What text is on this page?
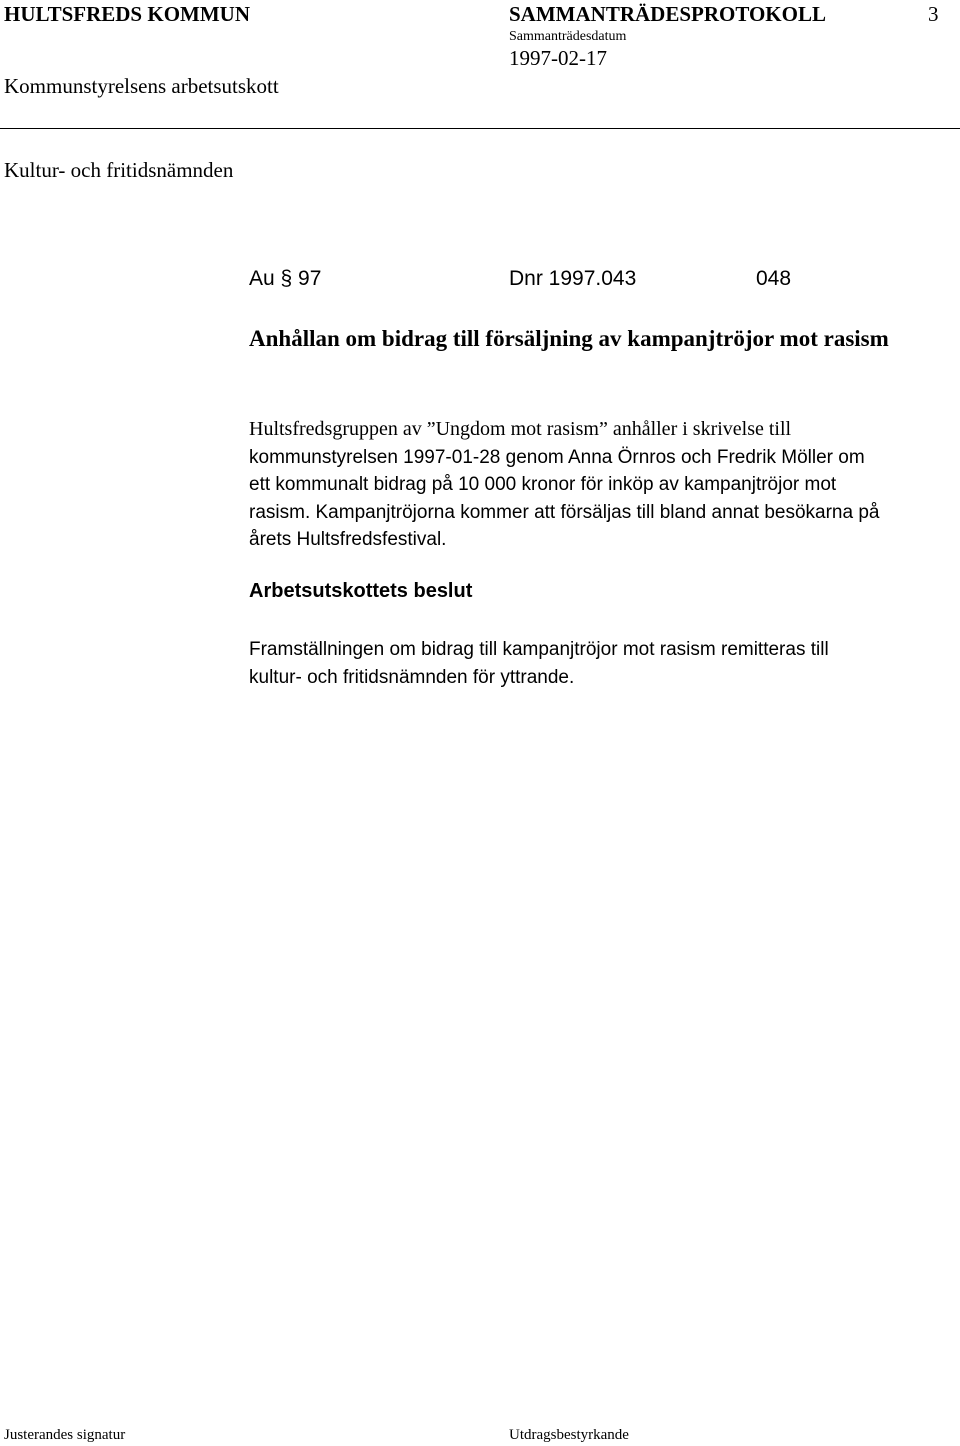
HULTSFREDS KOMMUN	SAMMANTRÄDESPROTOKOLL	3
Sammanträdesdatum
1997-02-17
Kommunstyrelsens arbetsutskott
Kultur- och fritidsnämnden
Au § 97	Dnr 1997.043	048
Anhållan om bidrag till försäljning av kampanjtröjor mot rasism
Hultsfredsgruppen av ”Ungdom mot rasism” anhåller i skrivelse till
kommunstyrelsen 1997-01-28 genom Anna Örnros och Fredrik Möller om
ett kommunalt bidrag på 10 000 kronor för inköp av kampanjtröjor mot
rasism. Kampanjtröjorna kommer att försäljas till bland annat besökarna på
årets Hultsfredsfestival.
Arbetsutskottets beslut
Framställningen om bidrag till kampanjtröjor mot rasism remitteras till
kultur- och fritidsnämnden för yttrande.
Justerandes signatur	Utdragsbestyrkande
